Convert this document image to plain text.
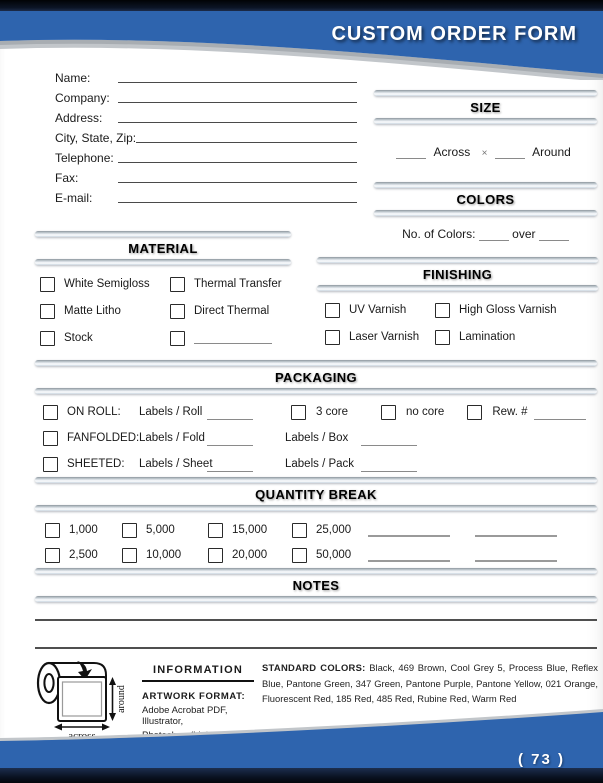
CUSTOM ORDER FORM
Name:
Company:
Address:
City, State, Zip:
Telephone:
Fax:
E-mail:
SIZE
Across ×	Around
COLORS
No. of Colors:	over
MATERIAL
White Semigloss
Matte Litho
Stock
Thermal Transfer
Direct Thermal
FINISHING
UV Varnish
Laser Varnish
High Gloss Varnish
Lamination
PACKAGING
ON ROLL:	Labels / Roll	3 core	no core	Rew. #
FANFOLDED: Labels / Fold	Labels / Box
SHEETED:	Labels / Sheet	Labels / Pack
QUANTITY BREAK
1,000	5,000	15,000	25,000
2,500	10,000	20,000	50,000
NOTES
around
across
INFORMATION
ARTWORK FORMAT:
Adobe Acrobat PDF, Illustrator,
STANDARD COLORS: Black, 469 Brown, Cool Grey 5, Process Blue, Reflex Blue, Pantone Green, 347 Green, Pantone Purple, Pantone Yellow, 021 Orange, Fluorescent Red, 185 Red, 485 Red, Rubine Red, Warm Red
( 73 )
